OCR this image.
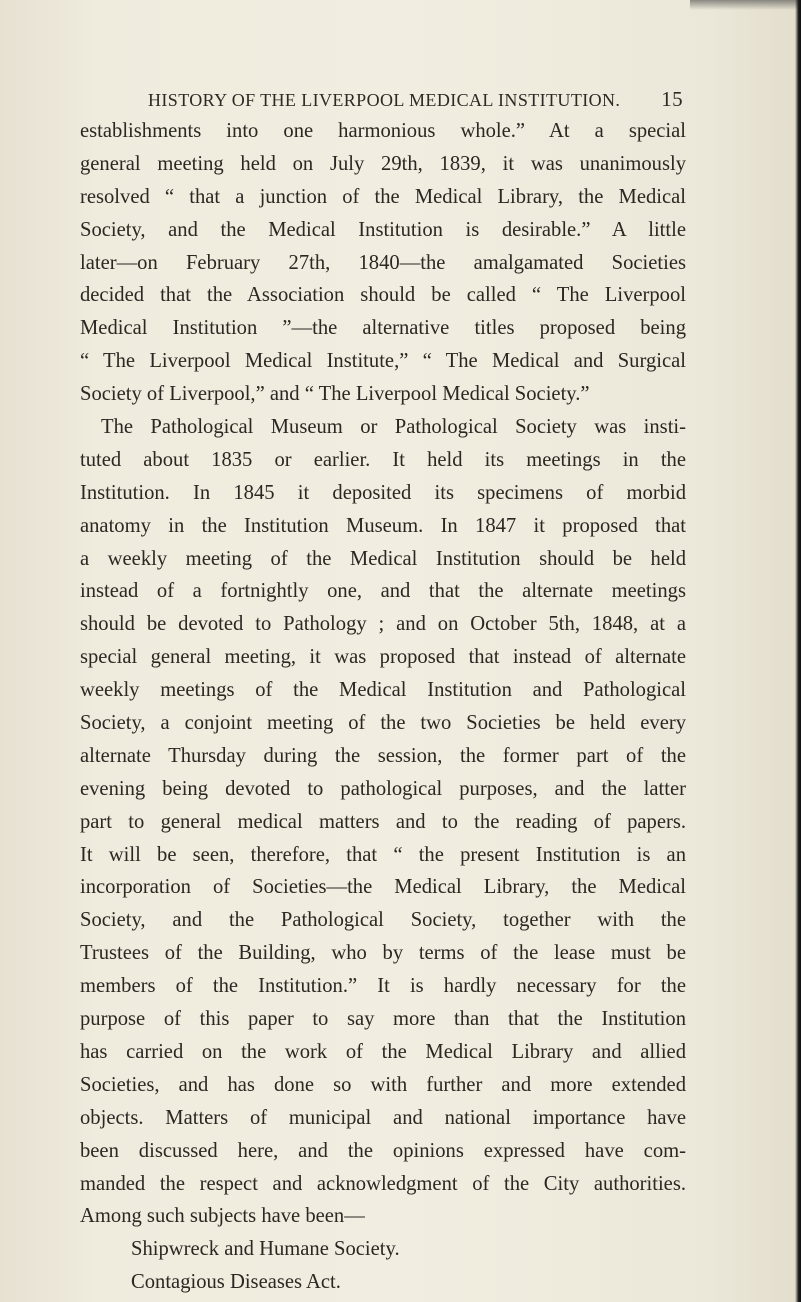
HISTORY OF THE LIVERPOOL MEDICAL INSTITUTION. 15
establishments into one harmonious whole.” At a special
general meeting held on July 29th, 1839, it was unanimously
resolved “ that a junction of the Medical Library, the Medical
Society, and the Medical Institution is desirable.” A little
later—on February 27th, 1840—the amalgamated Societies
decided that the Association should be called “ The Liverpool
Medical Institution ”—the alternative titles proposed being
“ The Liverpool Medical Institute,” “ The Medical and Surgical
Society of Liverpool,” and “ The Liverpool Medical Society.”
The Pathological Museum or Pathological Society was insti-
tuted about 1835 or earlier. It held its meetings in the
Institution. In 1845 it deposited its specimens of morbid
anatomy in the Institution Museum. In 1847 it proposed that
a weekly meeting of the Medical Institution should be held
instead of a fortnightly one, and that the alternate meetings
should be devoted to Pathology ; and on October 5th, 1848, at a
special general meeting, it was proposed that instead of alternate
weekly meetings of the Medical Institution and Pathological
Society, a conjoint meeting of the two Societies be held every
alternate Thursday during the session, the former part of the
evening being devoted to pathological purposes, and the latter
part to general medical matters and to the reading of papers.
It will be seen, therefore, that “ the present Institution is an
incorporation of Societies—the Medical Library, the Medical
Society, and the Pathological Society, together with the
Trustees of the Building, who by terms of the lease must be
members of the Institution.” It is hardly necessary for the
purpose of this paper to say more than that the Institution
has carried on the work of the Medical Library and allied
Societies, and has done so with further and more extended
objects. Matters of municipal and national importance have
been discussed here, and the opinions expressed have com-
manded the respect and acknowledgment of the City authorities.
Among such subjects have been—
Shipwreck and Humane Society.
Contagious Diseases Act.
